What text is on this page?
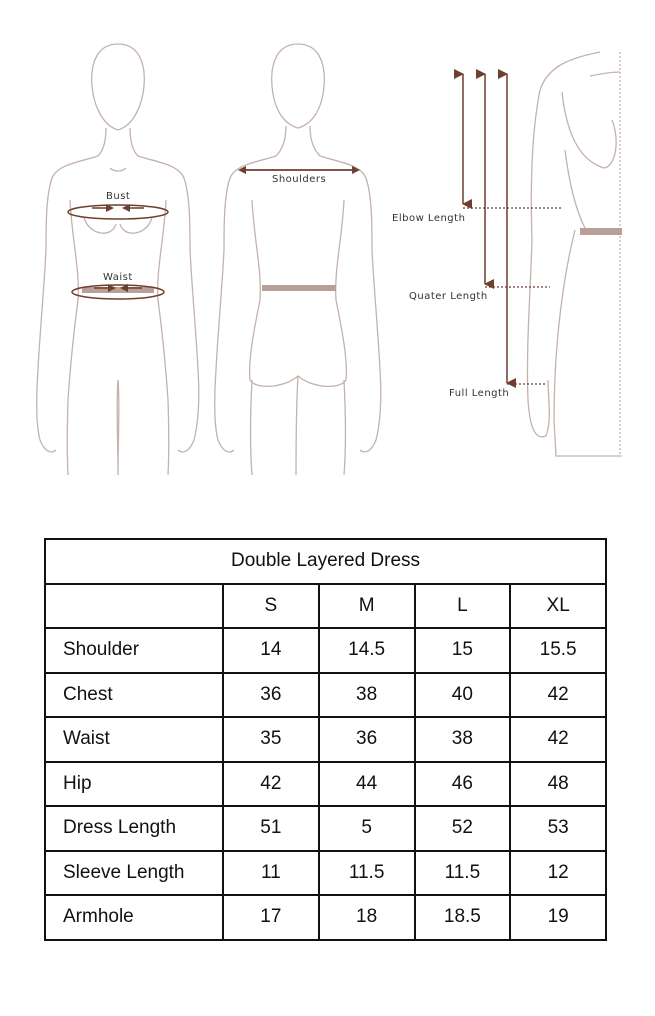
Bust
Waist
Shoulders
Elbow Length
Quater Length
Full Length
Double Layered Dress				
	S	M	L	XL
Shoulder	14	14.5	15	15.5
Chest	36	38	40	42
Waist	35	36	38	42
Hip	42	44	46	48
Dress Length	51	5	52	53
Sleeve Length	11	11.5	11.5	12
Armhole	17	18	18.5	19
